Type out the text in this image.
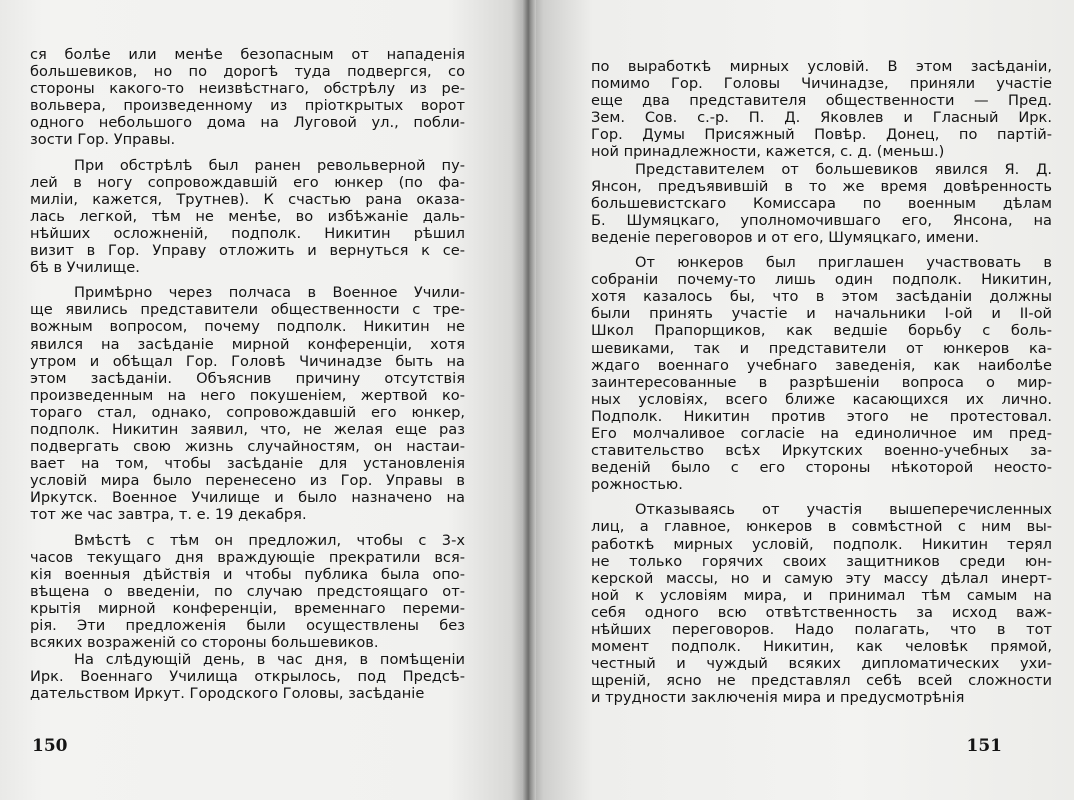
ся болѣе или менѣе безопасным от нападенія
большевиков, но по дорогѣ туда подвергся, со
стороны какого-то неизвѣстнаго, обстрѣлу из ре-
вольвера, произведенному из пріоткрытых ворот
одного небольшого дома на Луговой ул., побли-
зости Гор. Управы.
При обстрѣлѣ был ранен револьверной пу-
лей в ногу сопровождавшій его юнкер (по фа-
миліи, кажется, Трутнев). К счастью рана оказа-
лась легкой, тѣм не менѣе, во избѣжаніе даль-
нѣйших осложненій, подполк. Никитин рѣшил
визит в Гор. Управу отложить и вернуться к се-
бѣ в Училище.
Примѣрно через полчаса в Военное Учили-
ще явились представители общественности с тре-
вожным вопросом, почему подполк. Никитин не
явился на засѣданіе мирной конференціи, хотя
утром и обѣщал Гор. Головѣ Чичинадзе быть на
этом засѣданіи. Объяснив причину отсутствія
произведенным на него покушеніем, жертвой ко-
тораго стал, однако, сопровождавшій его юнкер,
подполк. Никитин заявил, что, не желая еще раз
подвергать свою жизнь случайностям, он настаи-
вает на том, чтобы засѣданіе для установленія
условій мира было перенесено из Гор. Управы в
Иркутск. Военное Училище и было назначено на
тот же час завтра, т. е. 19 декабря.
Вмѣстѣ с тѣм он предложил, чтобы с 3-х
часов текущаго дня враждующіе прекратили вся-
кія военныя дѣйствія и чтобы публика была опо-
вѣщена о введеніи, по случаю предстоящаго от-
крытія мирной конференціи, временнаго переми-
рія. Эти предложенія были осуществлены без
всяких возраженій со стороны большевиков.
На слѣдующій день, в час дня, в помѣщеніи
Ирк. Военнаго Училища открылось, под Предсѣ-
дательством Иркут. Городского Головы, засѣданіе
150
по выработкѣ мирных условій. В этом засѣданіи,
помимо Гор. Головы Чичинадзе, приняли участіе
еще два представителя общественности — Пред.
Зем. Сов. с.-р. П. Д. Яковлев и Гласный Ирк.
Гор. Думы Присяжный Повѣр. Донец, по партій-
ной принадлежности, кажется, с. д. (меньш.)
Представителем от большевиков явился Я. Д.
Янсон, предъявившій в то же время довѣренность
большевистскаго Комиссара по военным дѣлам
Б. Шумяцкаго, уполномочившаго его, Янсона, на
веденіе переговоров и от его, Шумяцкаго, имени.
От юнкеров был приглашен участвовать в
собраніи почему-то лишь один подполк. Никитин,
хотя казалось бы, что в этом засѣданіи должны
были принять участіе и начальники I-ой и II-ой
Школ Прапорщиков, как ведшіе борьбу с боль-
шевиками, так и представители от юнкеров ка-
ждаго военнаго учебнаго заведенія, как наиболѣе
заинтересованные в разрѣшеніи вопроса о мир-
ных условіях, всего ближе касающихся их лично.
Подполк. Никитин против этого не протестовал.
Его молчаливое согласіе на единоличное им пред-
ставительство всѣх Иркутских военно-учебных за-
веденій было с его стороны нѣкоторой неосто-
рожностью.
Отказываясь от участія вышеперечисленных
лиц, а главное, юнкеров в совмѣстной с ним вы-
работкѣ мирных условій, подполк. Никитин терял
не только горячих своих защитников среди юн-
керской массы, но и самую эту массу дѣлал инерт-
ной к условіям мира, и принимал тѣм самым на
себя одного всю отвѣтственность за исход важ-
нѣйших переговоров. Надо полагать, что в тот
момент подполк. Никитин, как человѣк прямой,
честный и чуждый всяких дипломатических ухи-
щреній, ясно не представлял себѣ всей сложности
и трудности заключенія мира и предусмотрѣнія
151
